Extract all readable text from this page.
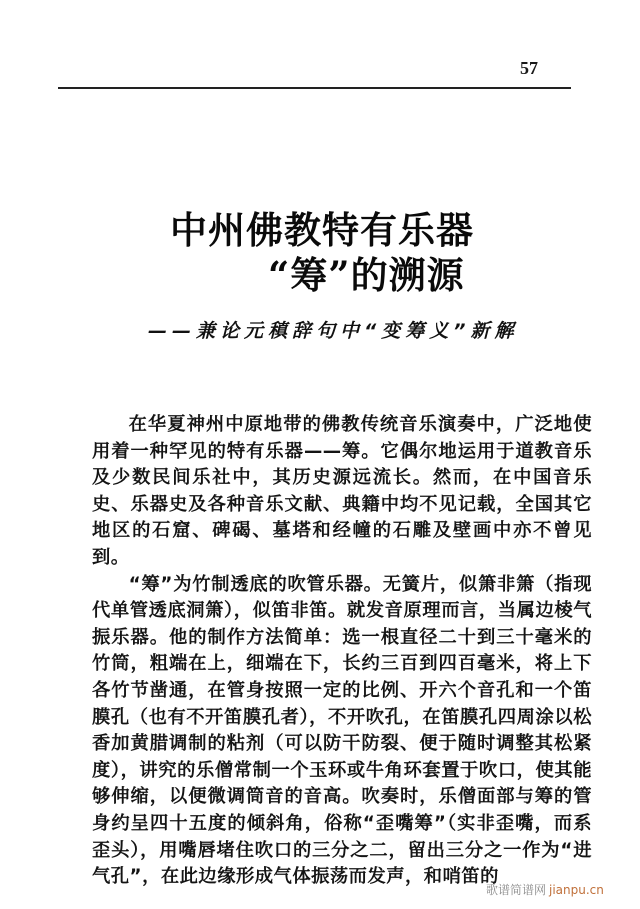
57
中州佛教特有乐器
“筹”的溯源
——兼论元稹辞句中“变筹义”新解

在华夏神州中原地带的佛教传统音乐演奏中，广泛地使用着一种罕见的特有乐器——筹。它偶尔地运用于道教音乐及少数民间乐社中，其历史源远流长。然而，在中国音乐史、乐器史及各种音乐文献、典籍中均不见记载，全国其它地区的石窟、碑碣、墓塔和经幢的石雕及壁画中亦不曾见到。

“筹”为竹制透底的吹管乐器。无簧片，似箫非箫（指现代单管透底洞箫），似笛非笛。就发音原理而言，当属边棱气振乐器。他的制作方法简单：选一根直径二十到三十毫米的竹筒，粗端在上，细端在下，长约三百到四百毫米，将上下各竹节凿通，在管身按照一定的比例、开六个音孔和一个笛膜孔（也有不开笛膜孔者），不开吹孔，在笛膜孔四周涂以松香加黄腊调制的粘剂（可以防干防裂、便于随时调整其松紧度），讲究的乐僧常制一个玉环或牛角环套置于吹口，使其能够伸缩，以便微调筒音的音高。吹奏时，乐僧面部与筹的管身约呈四十五度的倾斜角，俗称“歪嘴筹”（实非歪嘴，而系歪头），用嘴唇堵住吹口的三分之二，留出三分之一作为“进气孔”，在此边缘形成气体振荡而发声，和哨笛的

歌谱简谱网 jianpu.cn
